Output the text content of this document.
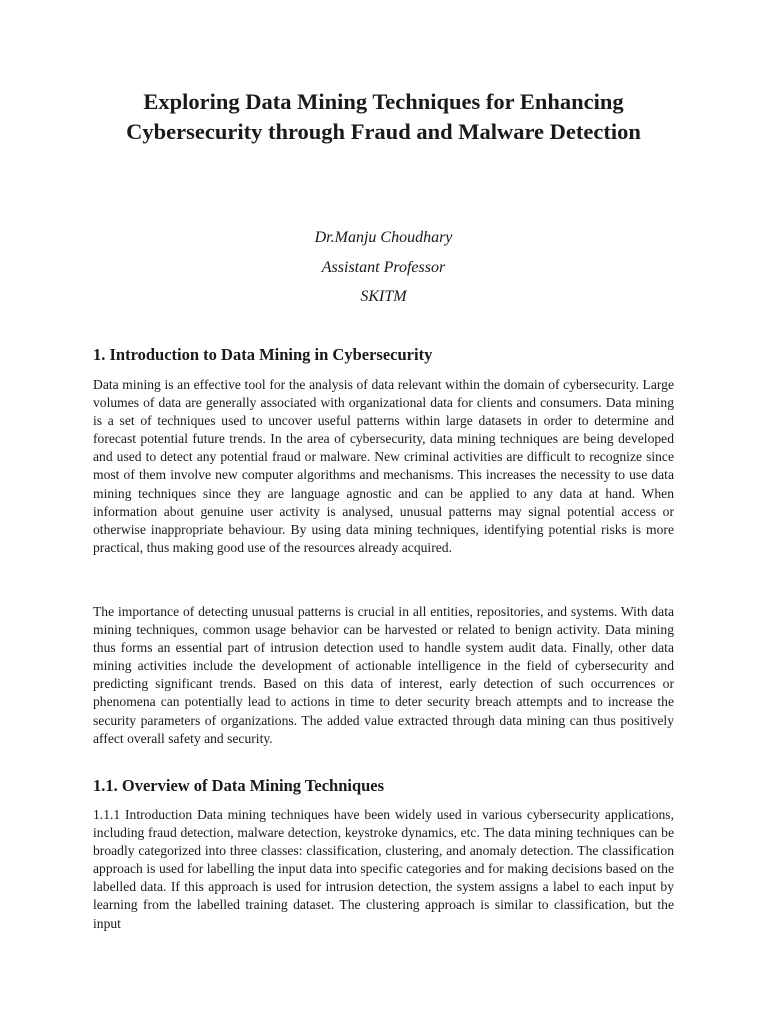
Exploring Data Mining Techniques for Enhancing Cybersecurity through Fraud and Malware Detection
Dr.Manju Choudhary
Assistant Professor
SKITM
1. Introduction to Data Mining in Cybersecurity

Data mining is an effective tool for the analysis of data relevant within the domain of cybersecurity. Large volumes of data are generally associated with organizational data for clients and consumers. Data mining is a set of techniques used to uncover useful patterns within large datasets in order to determine and forecast potential future trends. In the area of cybersecurity, data mining techniques are being developed and used to detect any potential fraud or malware. New criminal activities are difficult to recognize since most of them involve new computer algorithms and mechanisms. This increases the necessity to use data mining techniques since they are language agnostic and can be applied to any data at hand. When information about genuine user activity is analysed, unusual patterns may signal potential access or otherwise inappropriate behaviour. By using data mining techniques, identifying potential risks is more practical, thus making good use of the resources already acquired.

The importance of detecting unusual patterns is crucial in all entities, repositories, and systems. With data mining techniques, common usage behavior can be harvested or related to benign activity. Data mining thus forms an essential part of intrusion detection used to handle system audit data. Finally, other data mining activities include the development of actionable intelligence in the field of cybersecurity and predicting significant trends. Based on this data of interest, early detection of such occurrences or phenomena can potentially lead to actions in time to deter security breach attempts and to increase the security parameters of organizations. The added value extracted through data mining can thus positively affect overall safety and security.

1.1. Overview of Data Mining Techniques

1.1.1 Introduction Data mining techniques have been widely used in various cybersecurity applications, including fraud detection, malware detection, keystroke dynamics, etc. The data mining techniques can be broadly categorized into three classes: classification, clustering, and anomaly detection. The classification approach is used for labelling the input data into specific categories and for making decisions based on the labelled data. If this approach is used for intrusion detection, the system assigns a label to each input by learning from the labelled training dataset. The clustering approach is similar to classification, but the input
